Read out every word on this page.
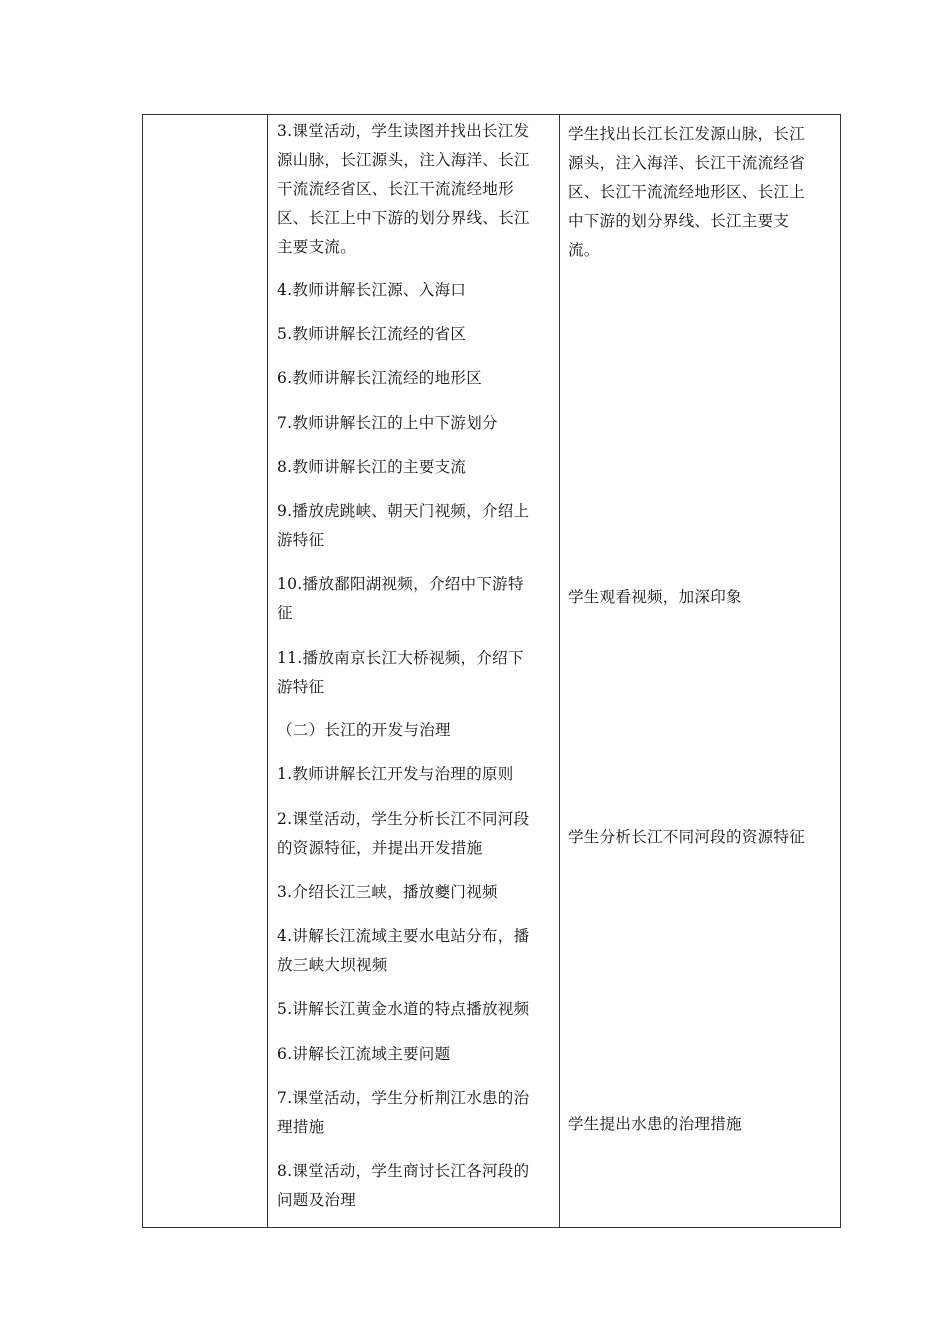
3.课堂活动，学生读图并找出长江发
源山脉，长江源头，注入海洋、长江
干流流经省区、长江干流流经地形
区、长江上中下游的划分界线、长江
主要支流。
4.教师讲解长江源、入海口
5.教师讲解长江流经的省区
6.教师讲解长江流经的地形区
7.教师讲解长江的上中下游划分
8.教师讲解长江的主要支流
9.播放虎跳峡、朝天门视频，介绍上
游特征
10.播放鄱阳湖视频，介绍中下游特
征
11.播放南京长江大桥视频，介绍下
游特征
（二）长江的开发与治理
1.教师讲解长江开发与治理的原则
2.课堂活动，学生分析长江不同河段
的资源特征，并提出开发措施
3.介绍长江三峡，播放夔门视频
4.讲解长江流域主要水电站分布，播
放三峡大坝视频
5.讲解长江黄金水道的特点播放视频
6.讲解长江流域主要问题
7.课堂活动，学生分析荆江水患的治
理措施
8.课堂活动，学生商讨长江各河段的
问题及治理
学生找出长江长江发源山脉，长江
源头，注入海洋、长江干流流经省
区、长江干流流经地形区、长江上
中下游的划分界线、长江主要支
流。
学生观看视频，加深印象
学生分析长江不同河段的资源特征
学生提出水患的治理措施
